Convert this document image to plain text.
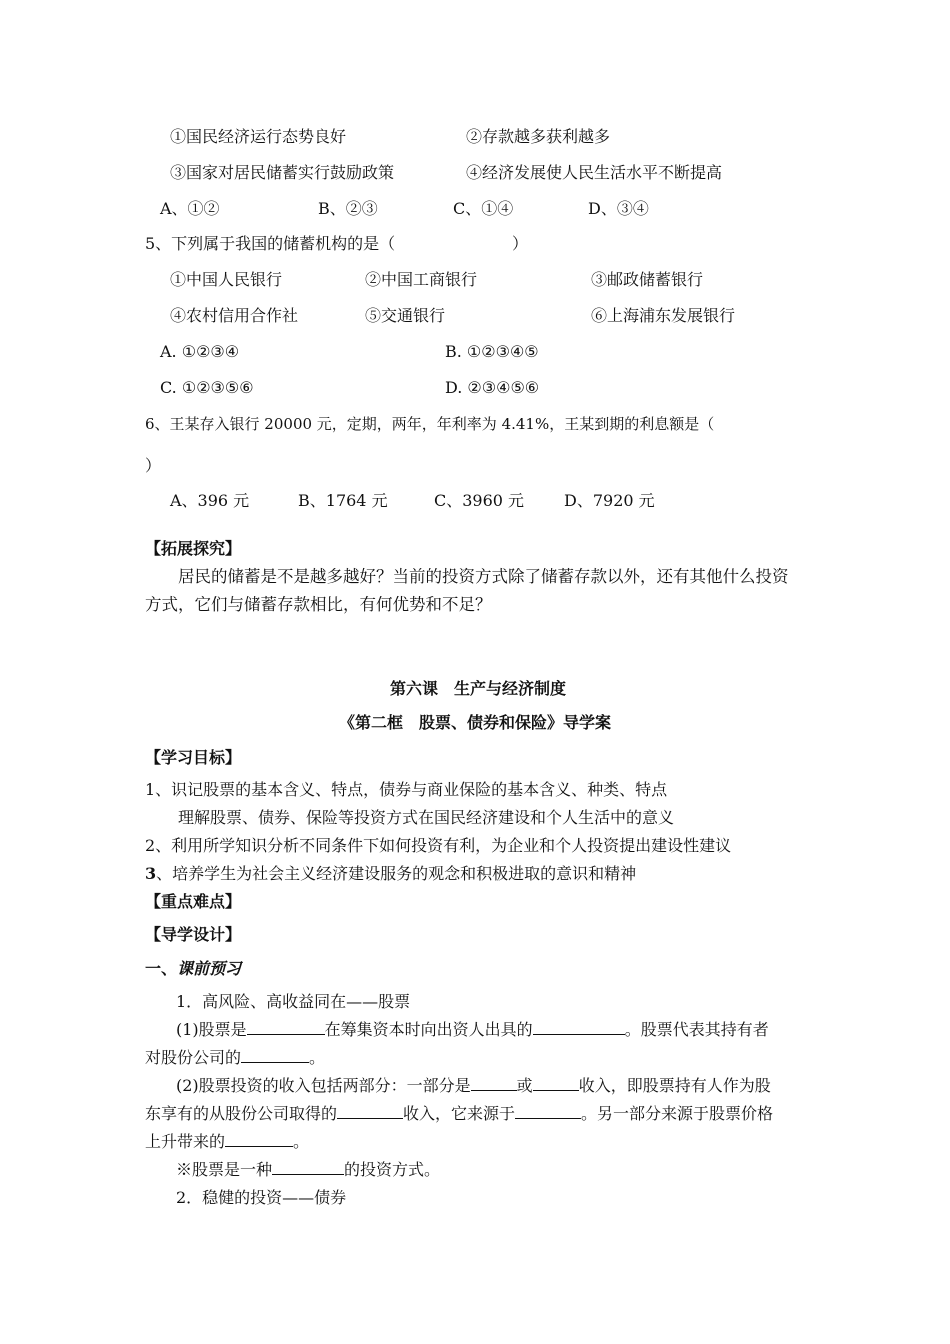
①国民经济运行态势良好	②存款越多获利越多
③国家对居民储蓄实行鼓励政策	④经济发展使人民生活水平不断提高
A、①②	B、②③	C、①④	D、③④
5、下列属于我国的储蓄机构的是（	）
①中国人民银行	②中国工商银行	③邮政储蓄银行
④农村信用合作社	⑤交通银行	⑥上海浦东发展银行
A. ①②③④	B. ①②③④⑤
C. ①②③⑤⑥	D. ②③④⑤⑥
6、王某存入银行 20000 元，定期，两年，年利率为 4.41%，王某到期的利息额是（
）
A、396 元	B、1764 元	C、3960 元 D、7920 元
【拓展探究】
居民的储蓄是不是越多越好？当前的投资方式除了储蓄存款以外，还有其他什么投资
方式，它们与储蓄存款相比，有何优势和不足？
第六课　生产与经济制度
《第二框　股票、债券和保险》导学案
【学习目标】
1、识记股票的基本含义、特点，债券与商业保险的基本含义、种类、特点
理解股票、债券、保险等投资方式在国民经济建设和个人生活中的意义
2、利用所学知识分析不同条件下如何投资有利，为企业和个人投资提出建设性建议
3、培养学生为社会主义经济建设服务的观念和积极进取的意识和精神
【重点难点】
【导学设计】
一、课前预习
1．高风险、高收益同在——股票
(1)股票是	在筹集资本时向出资人出具的	。股票代表其持有者
对股份公司的	。
(2)股票投资的收入包括两部分：一部分是	或	收入，即股票持有人作为股
东享有的从股份公司取得的	收入，它来源于	。另一部分来源于股票价格
上升带来的	。
※股票是一种	的投资方式。
2．稳健的投资——债券
